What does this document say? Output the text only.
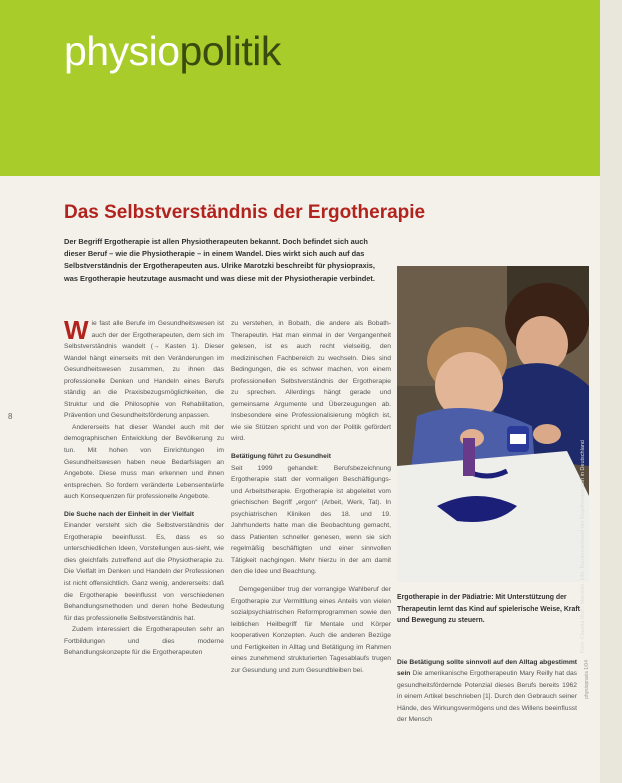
physiopolitik
8
Das Selbstverständnis der Ergotherapie
Der Begriff Ergotherapie ist allen Physiotherapeuten bekannt. Doch befindet sich auch dieser Beruf – wie die Physiotherapie – in einem Wandel. Dies wirkt sich auch auf das Selbstverständnis der Ergotherapeuten aus. Ulrike Marotzki beschreibt für physiopraxis, was Ergotherapie heutzutage ausmacht und was diese mit der Physiotherapie verbindet.

Wie fast alle Berufe im Gesundheitswesen ist auch der der Ergotherapeuten, dem sich im Selbstverständnis wandelt (→ Kasten 1). Dieser Wandel hängt einerseits mit den Veränderungen im Gesundheitswesen zusammen, zu ihnen das professionelle Denken und Handeln eines Berufs ständig an die Praxisbezugsmöglichkeiten, die Struktur und die Philosophie von Rehabilitation, Prävention und Gesundheitsförderung anpassen.

Andererseits hat dieser Wandel auch mit der demographischen Entwicklung der Bevölkerung zu tun. Mit hohen von Einrichtungen im Gesundheitswesen haben neue Bedarfslagen an Angebote. Diese muss man erkennen und ihnen entsprechen. So fordern veränderte Lebensentwürfe auch Konsequenzen für professionelle Angebote.

Die Suche nach der Einheit in der Vielfalt

Einander versteht sich die Selbstverständnis der Ergotherapie beeinflusst. Es, dass es so unterschiedlichen Ideen, Vorstellungen aus-sieht, wie dies gleichfalls zutreffend auf die Physiotherapie zu. Die Vielfalt im Denken und Handeln der Professionen ist nicht offensichtlich. Ganz wenig, andererseits: daß die Ergotherapie beeinflusst von verschiedenen Behandlungsmethoden und deren hohe Bedeutung für das professionelle Selbstverständnis hat.

Zudem interessiert die Ergotherapeuten sehr an Fortbildungen und dies moderne Behandlungskonzepte für die Ergotherapeuten

zu verstehen, in Bobath, die andere als Bobath-Therapeutin. Hat man einmal in der Vergangenheit gelesen, ist es auch recht vielseitig, den medizinischen Fachbereich zu wechseln. Dies sind Bedingungen, die es schwer machen, von einem professionellen Selbstverständnis der Ergotherapie zu sprechen. Allerdings hängt gerade und gemeinsame Argumente und Überzeugungen ab. Insbesondere eine Professionalisierung möglich ist, wie sie Stützen spricht und von der Politik gefördert wird.

Betätigung führt zu Gesundheit

Seit 1999 gehandelt: Berufsbezeichnung Ergotherapie statt der vormaligen Beschäftigungs- und Arbeitstherapie. Ergotherapie ist abgeleitet vom griechischen Begriff „ergon“ (Arbeit, Werk, Tat). In psychiatrischen Kliniken des 18. und 19. Jahrhunderts hatte man die Beobachtung gemacht, dass Patienten schneller genesen, wenn sie sich regelmäßig beschäftigten und einer sinnvollen Tätigkeit nachgingen. Mehr hierzu in der am damit den die Idee und Beachtung.

Demgegenüber trug der vorrangige Wahlberuf der Ergotherapie zur Vermittlung eines Anteils von vielen sozialpsychiatrischen Reformprogrammen sowie den leiblichen Heilbegriff für Mentale und Körper kooperativen Konzepten. Auch die anderen Bezüge und Fertigkeiten in Alltag und Betätigung im Rahmen eines zunehmend strukturierten Tagesablaufs trugen zur Gesundung und zum Gesundbleiben bei.

Foto: Claudia Ruff / Marotzki. Info: Bundesverband der Ergotherapeuten in Deutschland
Ergotherapie in der Pädiatrie: Mit Unterstützung der Therapeutin lernt das Kind auf spielerische Weise, Kraft und Bewegung zu steuern.
Die Betätigung sollte sinnvoll auf den Alltag abgestimmt sein Die amerikanische Ergotherapeutin Mary Reilly hat das gesundheitsfördernde Potenzial dieses Berufs bereits 1962 in einem Artikel beschrieben [1]. Durch den Gebrauch seiner Hände, des Wirkungsvermögens und des Willens beeinflusst der Mensch
physiopraxis 1/04
